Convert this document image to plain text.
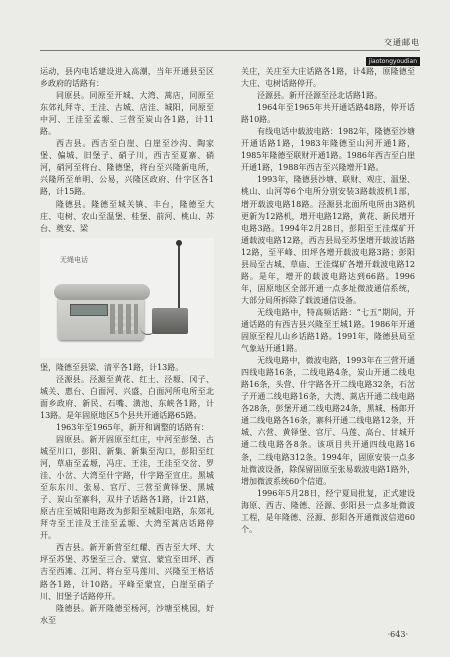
交通邮电
jiaotongyoudian

运动，县内电话建设进入高潮，当年开通县至区乡政府的话路有：

同原县。同原至开城、大湾、蒿店，同原至东郊礼拜寺、王洼、古城、店洼、城阳，同原至中河、王洼至孟塬、三营至炭山各1路，计11路。

西吉县。西吉至白崖、白崖至沙沟、陶家堡、偏城、旧堡子、硝子川，西吉至夏寨、硝河，硝河至将台、隆德堡，将台至兴隆新电所，兴隆所至单明、公易，兴隆区政府、什字区各1路，计15路。

隆德县。隆德至城关镇、丰台，隆德至大庄、屯树、农山至温堡、桂堡、前河、桃山、苏台、奠安、梁

无绳电话

堡，隆德至县梁、清平各1路，计13路。

泾源县。泾源至黄花、红土、泾塬、冈子、城关、惠台、白面河、兴盛，白面河所电所至北面乡政府、新民、石嘴、潢池、东峡各1路，计13路。是年固原地区5个县共开通话路65路。

1963年至1965年，新开和调整的话路有：

固原县。新开固原至红庄，中河至彭堡、古城至川口，彭阳、新集、新集至沟口，彭阳至红河，草庙至孟塬，冯庄、王洼，王洼至交岔、罗洼、小岔、大湾至什字路，什字路至宣庄。黑城至东东川、张易、官厅、三营至黄铎堡、黑城子、炭山至寨科，双井子话路各1路，计21路，原古庄至城阳电路改为彭阳至城阳电路，东郊礼拜寺至王洼及王洼至孟塬、大湾至蒿店话路停开。

西吉县。新开新营至红耀、西吉至大坪、大坪至苏堡、苏堡至三合、蒙宜、蒙宜至田坪、西吉至西滩、江河、将台至马莲川、兴隆至王格话路各1路，计10路。平峰至蒙宜，白崖至硝子川、旧堡子话路停开。

隆德县。新开隆德至杨河，沙塘至桃园，好水至

关庄，关庄至大庄话路各1路，计4路，原隆德至大庄、屯树话路停开。

泾源县。新开泾源至泾北话路1路。

1964年至1965年共开通话路48路，停开话路10路。

有线电话中载波电路：1982年，隆德至沙塘开通话路1路，1983年隆德至山河开通1路，1985年隆德至联财开通1路。1986年西吉至白崖开通1路，1988年西吉至兴隆增开1路。

1993年，隆德县沙塘、联财、观庄、温堡、桃山、山河等6个电所分别安装3路载波机1部，增开载波电路18路。泾源县北面所电所由3路机更新为12路机，增开电路12路，黄花、新民增开电路3路。1994年2月28日，彭阳至王洼煤矿开通载波电路12路，西吉县局至苏堡增开载波话路12路，至平峰、田坪各增开载波电路3路；彭阳县局至古城、草庙、王洼煤矿各增开载波电路12路。是年，增开的载波电路达到66路。1996年，固原地区全部开通一点多址微波通信系统，大部分局所拆除了载波通信设备。

无线电路中，特高频话路：“七五”期间，开通话路的有西吉县兴隆至王城1路。1986年开通固原至程儿山乡话路1路。1991年，隆德县局至气象站开通1路。

无线电路中，微波电路，1993年在三营开通四线电路16条，二线电路4条，炭山开通二线电路16条，头营、什字路各开二线电路32条，石岔子开通二线电路16条，大湾、蒿店开通二线电路各28条，彭堡开通二线电路24条，黑城、杨郎开通二线电路各16条，寨科开通二线电路12条，开城、六营、黄铎堡、官厅、马莲、高台、甘城开通二线电路各8条。该项目共开通四线电路16条，二线电路312条。1994年，固原安装一点多址微波设备，除保留固原至张易载波电路1路外，增加微波系统60个信道。

1996年5月28日，经宁夏局批复，正式建设海原、西吉、隆德、泾源、彭阳县一点多址微波工程，是年隆德、泾源、彭阳各开通微波信道60个。

·643·
